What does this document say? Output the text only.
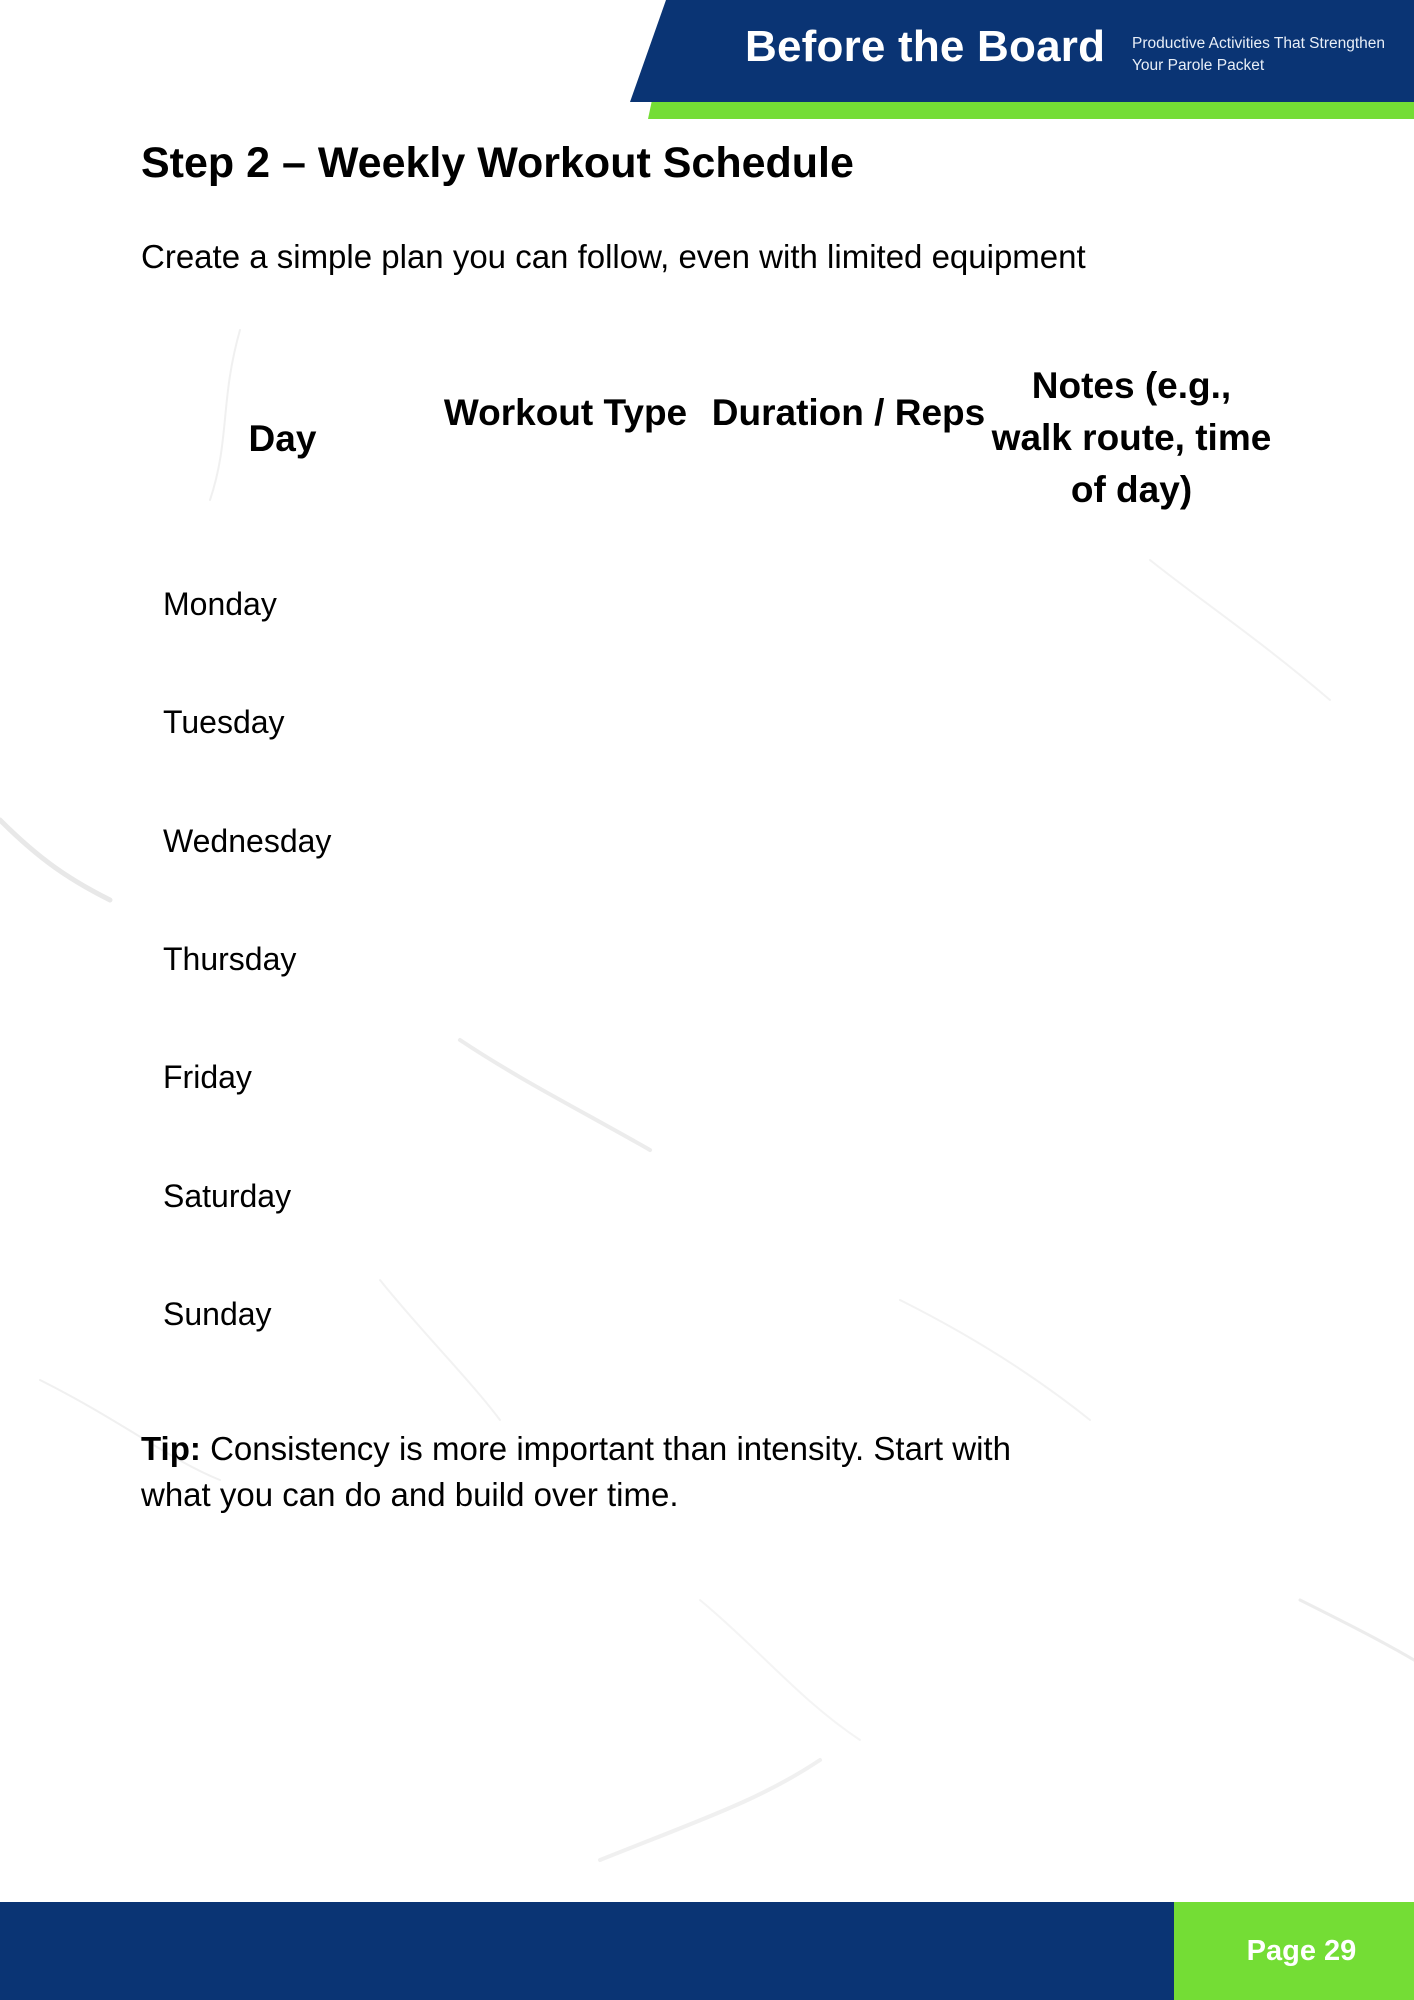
Before the Board Productive Activities That Strengthen Your Parole Packet
Step 2 – Weekly Workout Schedule

Create a simple plan you can follow, even with limited equipment

Day
Workout Type Duration / Reps
Notes (e.g., walk route, time of day)
Monday
Tuesday
Wednesday
Thursday
Friday
Saturday
Sunday

Tip: Consistency is more important than intensity. Start with what you can do and build over time.

Page 29
